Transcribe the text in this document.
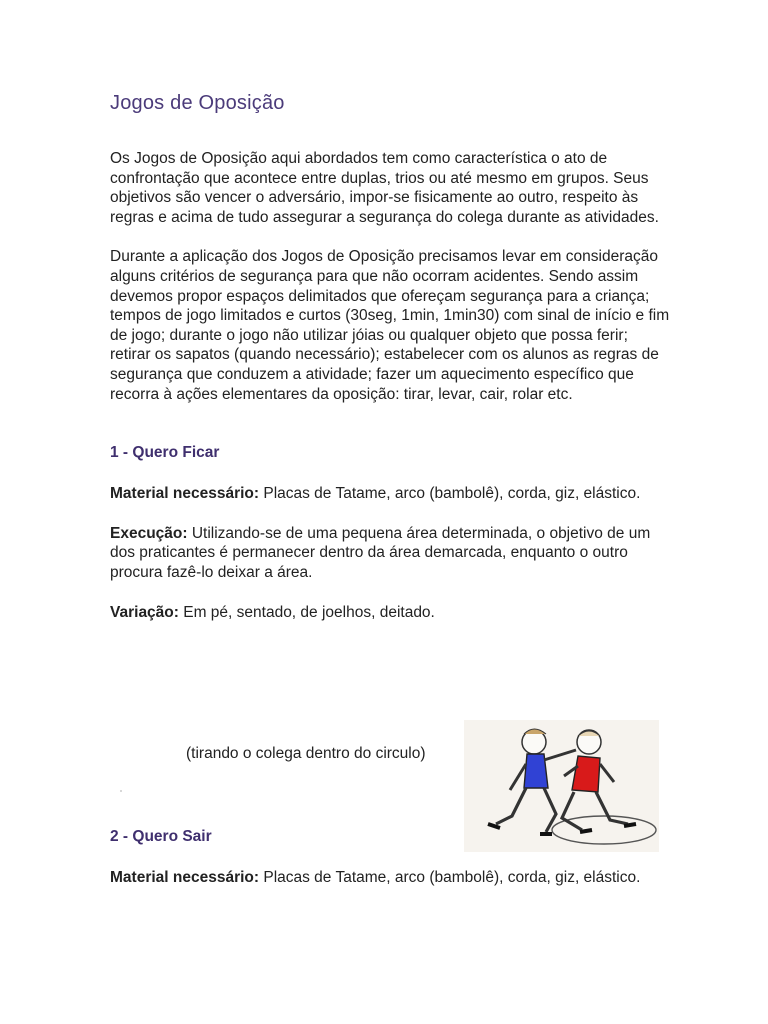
Jogos de Oposição

Os Jogos de Oposição aqui abordados tem como característica o ato de confrontação que acontece entre duplas, trios ou até mesmo em grupos. Seus objetivos são vencer o adversário, impor-se fisicamente ao outro, respeito às regras e acima de tudo assegurar a segurança do colega durante as atividades.

Durante a aplicação dos Jogos de Oposição precisamos levar em consideração alguns critérios de segurança para que não ocorram acidentes. Sendo assim devemos propor espaços delimitados que ofereçam segurança para a criança; tempos de jogo limitados e curtos (30seg, 1min, 1min30) com sinal de início e fim de jogo; durante o jogo não utilizar jóias ou qualquer objeto que possa ferir; retirar os sapatos (quando necessário); estabelecer com os alunos as regras de segurança que conduzem a atividade; fazer um aquecimento específico que recorra à ações elementares da oposição: tirar, levar, cair, rolar etc.

1 - Quero Ficar

Material necessário: Placas de Tatame, arco (bambolê), corda, giz, elástico.

Execução: Utilizando-se de uma pequena área determinada, o objetivo de um dos praticantes é permanecer dentro da área demarcada, enquanto o outro procura fazê-lo deixar a área.

Variação: Em pé, sentado, de joelhos, deitado.

(tirando o colega dentro do circulo)
2 - Quero Sair

Material necessário: Placas de Tatame, arco (bambolê), corda, giz, elástico.
